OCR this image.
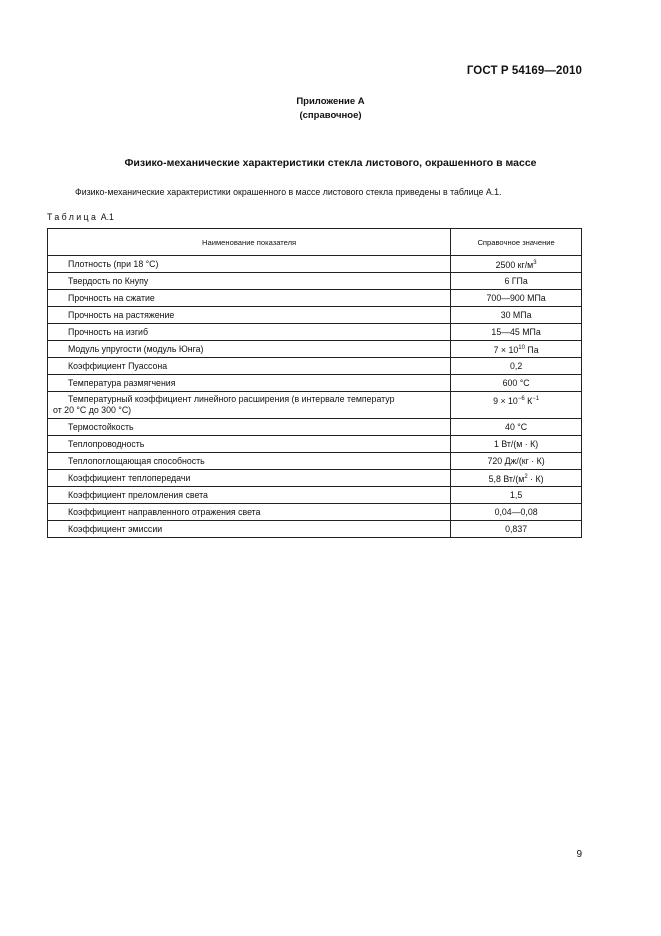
ГОСТ Р 54169—2010
Приложение А
(справочное)
Физико-механические характеристики стекла листового, окрашенного в массе
Физико-механические характеристики окрашенного в массе листового стекла приведены в таблице А.1.
Таблица А.1
Наименование показателя	Справочное значение
Плотность (при 18 °С)	2500 $кг/м^3$
Твердость по Кнупу	6 ГПа
Прочность на сжатие	700—900 МПа
Прочность на растяжение	30 МПа
Прочность на изгиб	15—45 МПа
Модуль упругости (модуль Юнга)	$7 \times 10^{10}$ Па
Коэффициент Пуассона	0,2
Температура размягчения	600 °С

Температурный коэффициент линейного расширения (в интервале температур
от 20 °С до 300 °С)	$9 \times 10^{-6}$ $К^{-1}$
Термостойкость	40 °С
Теплопроводность	1 Вт/(м · К)
Теплопоглощающая способность	720 Дж/(кг · К)
Коэффициент теплопередачи	5,8 $Вт/(м^2 \cdot К)$
Коэффициент преломления света	1,5
Коэффициент направленного отражения света	0,04—0,08
Коэффициент эмиссии	0,837
9
